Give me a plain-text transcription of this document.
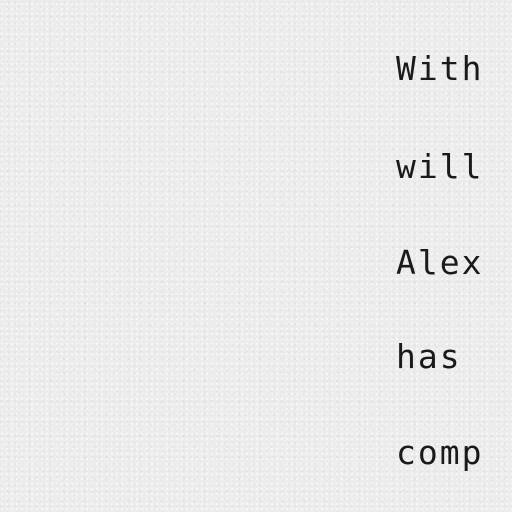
With

will

Alex

has

comp
